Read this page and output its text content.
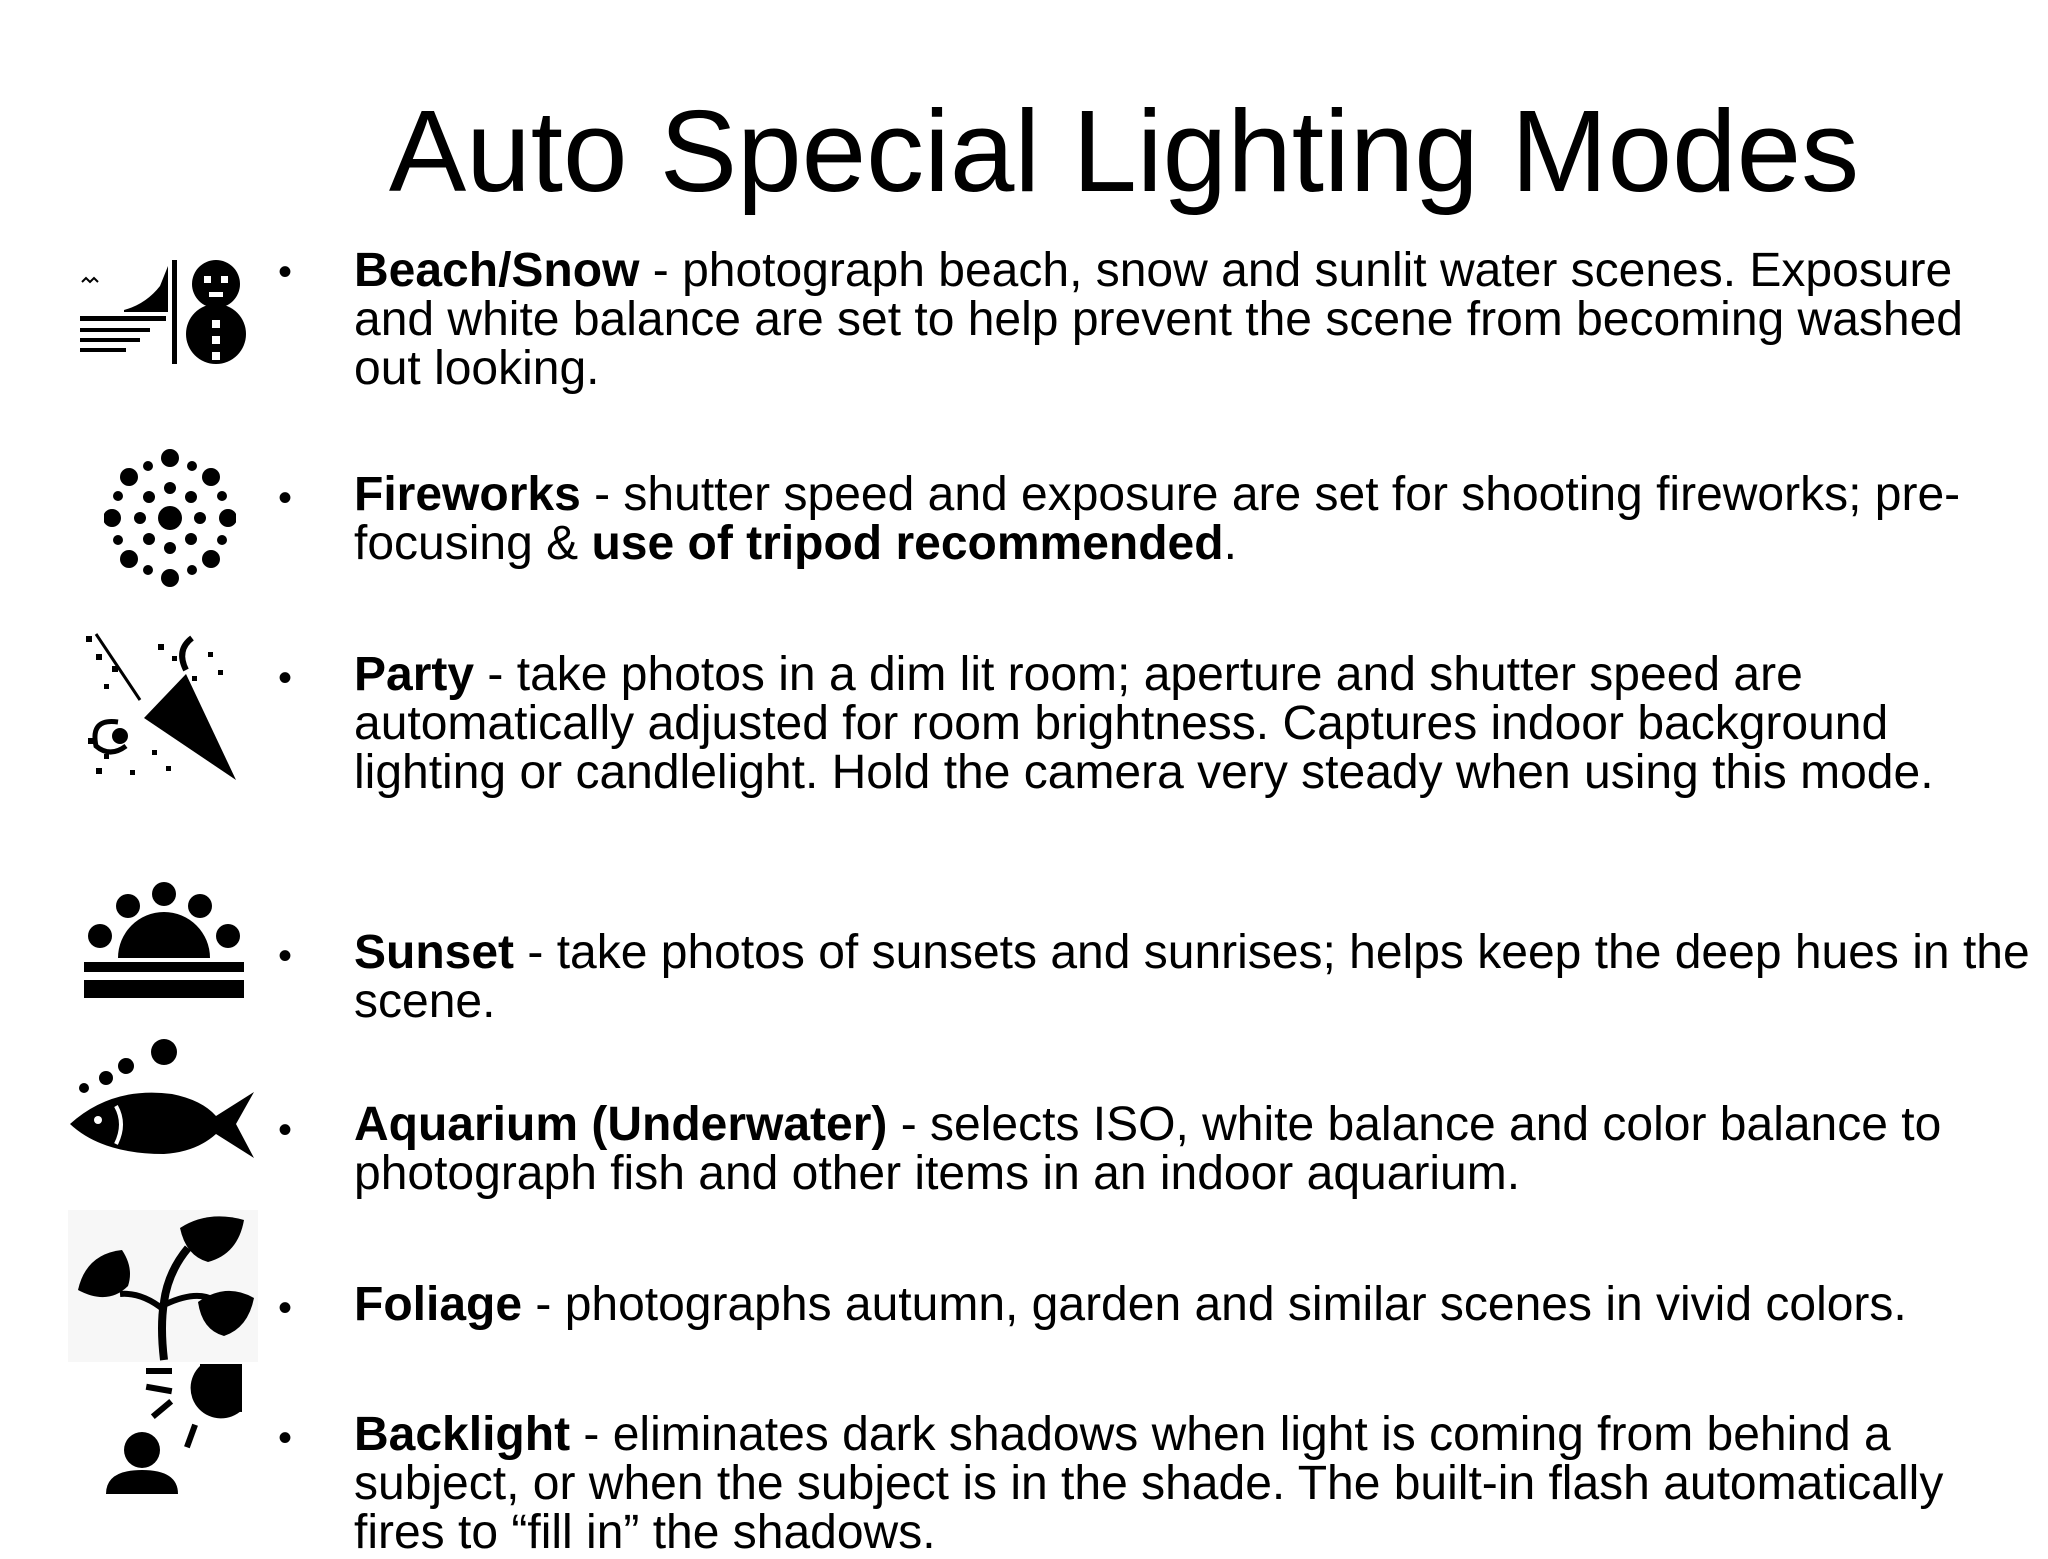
Auto Special Lighting Modes
• Beach/Snow - photograph beach, snow and sunlit water scenes. Exposure and white balance are set to help prevent the scene from becoming washed out looking.

• Fireworks - shutter speed and exposure are set for shooting fireworks; pre-focusing & use of tripod recommended.

• Party - take photos in a dim lit room; aperture and shutter speed are automatically adjusted for room brightness. Captures indoor background lighting or candlelight. Hold the camera very steady when using this mode.

• Sunset - take photos of sunsets and sunrises; helps keep the deep hues in the scene.

• Aquarium (Underwater) - selects ISO, white balance and color balance to photograph fish and other items in an indoor aquarium.

• Foliage - photographs autumn, garden and similar scenes in vivid colors.

• Backlight - eliminates dark shadows when light is coming from behind a subject, or when the subject is in the shade. The built-in flash automatically fires to “fill in” the shadows.
